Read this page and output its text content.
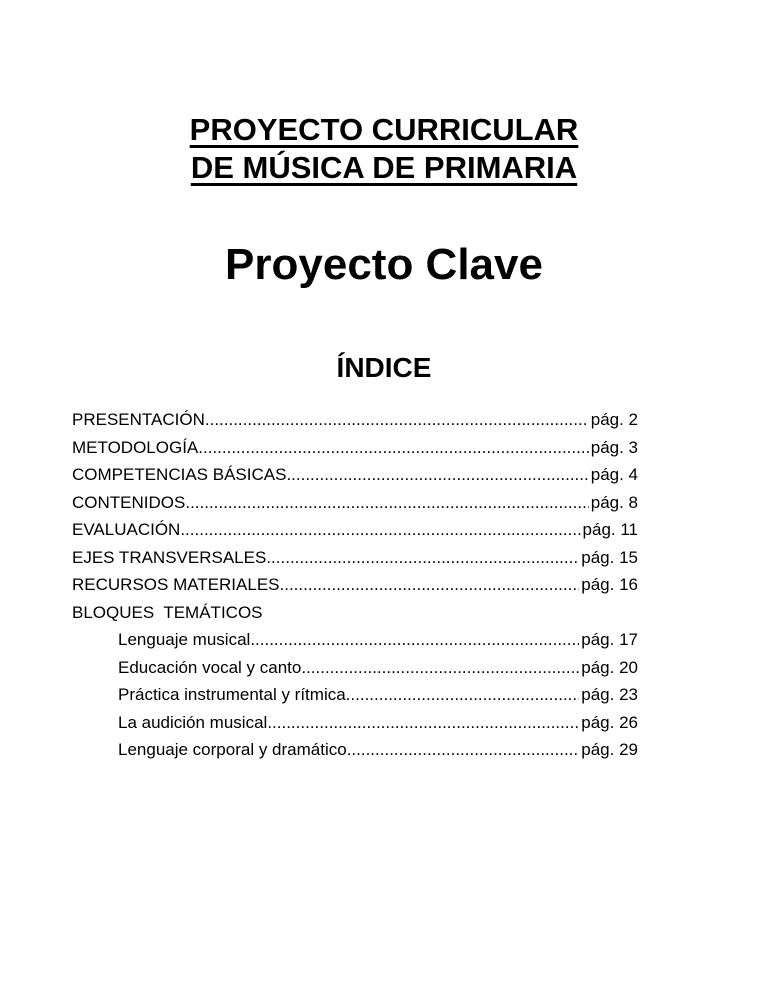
PROYECTO CURRICULAR
DE MÚSICA DE PRIMARIA
Proyecto Clave
ÍNDICE
PRESENTACIÓN .....	pág. 2
METODOLOGÍA .....	pág. 3
COMPETENCIAS BÁSICAS .....	pág. 4
CONTENIDOS .....	pág. 8
EVALUACIÓN .....	pág. 11
EJES TRANSVERSALES .....	pág. 15
RECURSOS MATERIALES .....	pág. 16
BLOQUES  TEMÁTICOS
Lenguaje musical .....	pág. 17
Educación vocal y canto .....	pág. 20
Práctica instrumental y rítmica .....	pág. 23
La audición musical .....	pág. 26
Lenguaje corporal y dramático .....	pág. 29
